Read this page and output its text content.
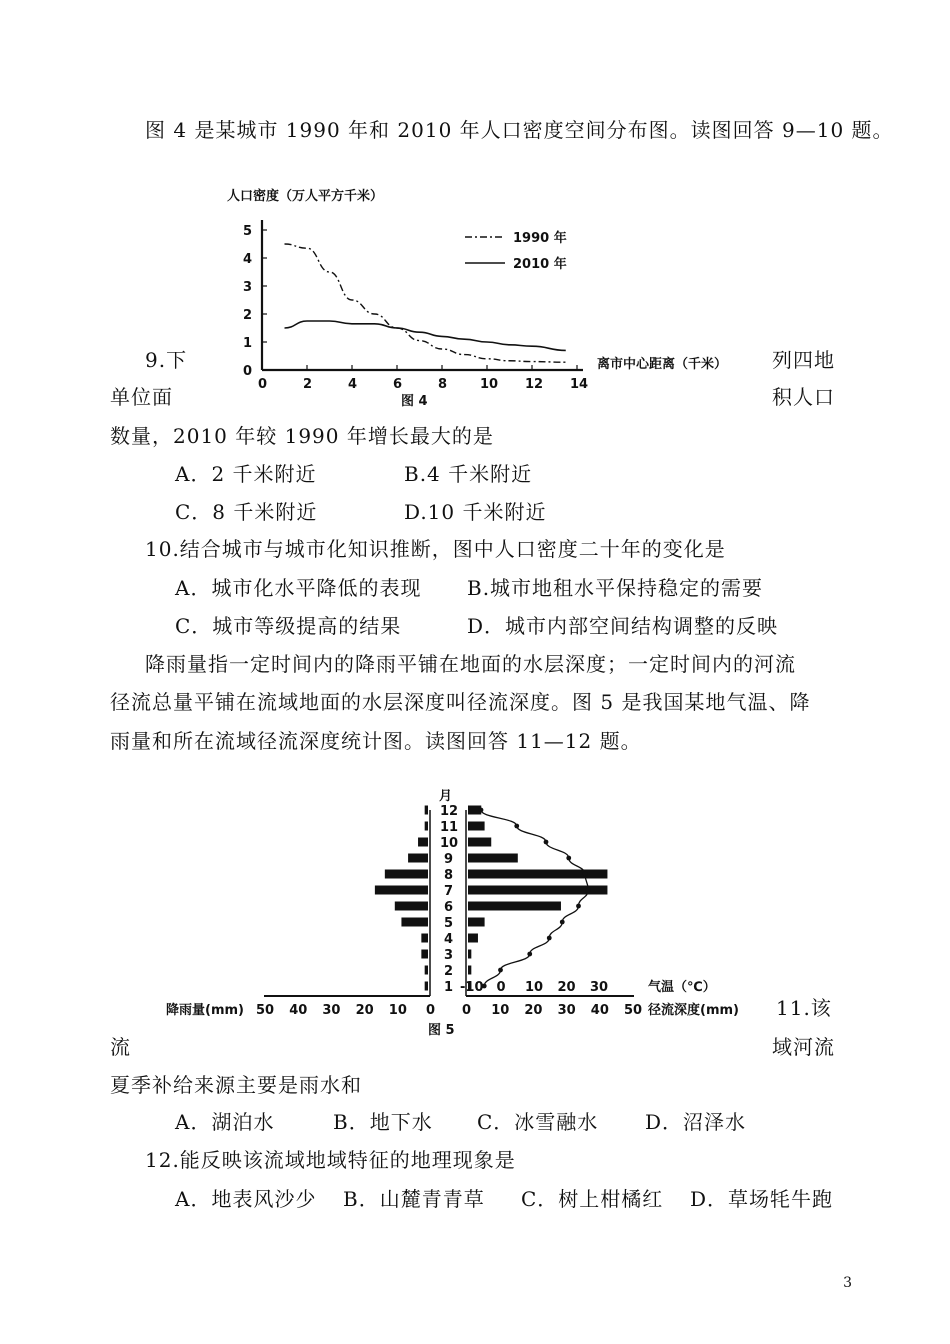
图 4 是某城市 1990 年和 2010 年人口密度空间分布图。读图回答 9—10 题。
人口密度（万人平方千米）
0
1
2
3
4
5
0	2	4	6	8	10 12 14
1990 年
2010 年
离市中心距离（千米）
图 4
9.下	列四地
单位面	积人口
数量，2010 年较 1990 年增长最大的是
A．2 千米附近	B.4 千米附近
C．8 千米附近	D.10 千米附近
10.结合城市与城市化知识推断，图中人口密度二十年的变化是
A．城市化水平降低的表现 B.城市地租水平保持稳定的需要
C．城市等级提高的结果	D．城市内部空间结构调整的反映
降雨量指一定时间内的降雨平铺在地面的水层深度；一定时间内的河流
径流总量平铺在流域地面的水层深度叫径流深度。图 5 是我国某地气温、降
雨量和所在流域径流深度统计图。读图回答 11—12 题。
月
1
2
3
4
5
6
7
8
9
10
11
12
50 40 30 20 10 0 0 10 20 30 40 50
-10 0 10 20 30	气温（℃）
降雨量(mm)	径流深度(mm)
图 5
11.该
流	域河流
夏季补给来源主要是雨水和
A．湖泊水	B．地下水 C．冰雪融水 D．沼泽水
12.能反映该流域地域特征的地理现象是
A．地表风沙少 B．山麓青青草 C．树上柑橘红 D．草场牦牛跑
3
